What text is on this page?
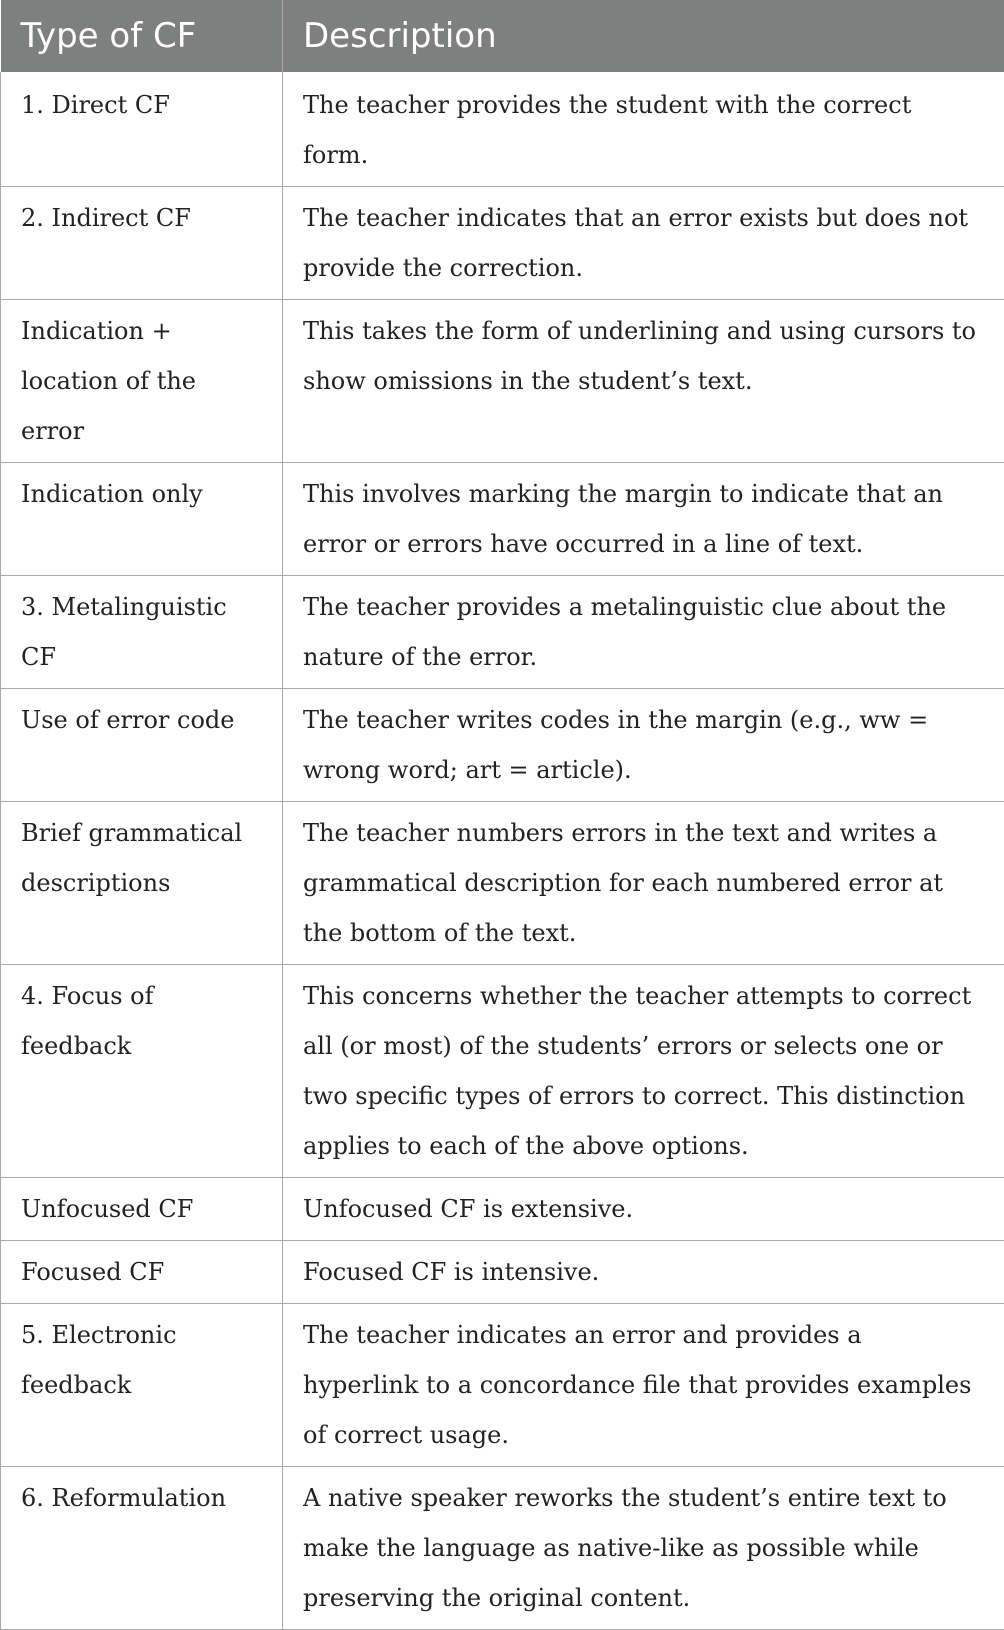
Type of CF	Description
1. Direct CF	The teacher provides the student with the correct form.
2. Indirect CF	The teacher indicates that an error exists but does not provide the correction.
Indication + location of the error	This takes the form of underlining and using cursors to show omissions in the student’s text.
Indication only	This involves marking the margin to indicate that an error or errors have occurred in a line of text.
3. Metalinguistic CF	The teacher provides a metalinguistic clue about the nature of the error.
Use of error code	The teacher writes codes in the margin (e.g., ww = wrong word; art = article).
Brief grammatical descriptions	The teacher numbers errors in the text and writes a grammatical description for each numbered error at the bottom of the text.
4. Focus of feedback	This concerns whether the teacher attempts to correct all (or most) of the students’ errors or selects one or two specific types of errors to correct. This distinction applies to each of the above options.
Unfocused CF	Unfocused CF is extensive.
Focused CF	Focused CF is intensive.
5. Electronic feedback	The teacher indicates an error and provides a hyperlink to a concordance file that provides examples of correct usage.
6. Reformulation	A native speaker reworks the student’s entire text to make the language as native-like as possible while preserving the original content.
